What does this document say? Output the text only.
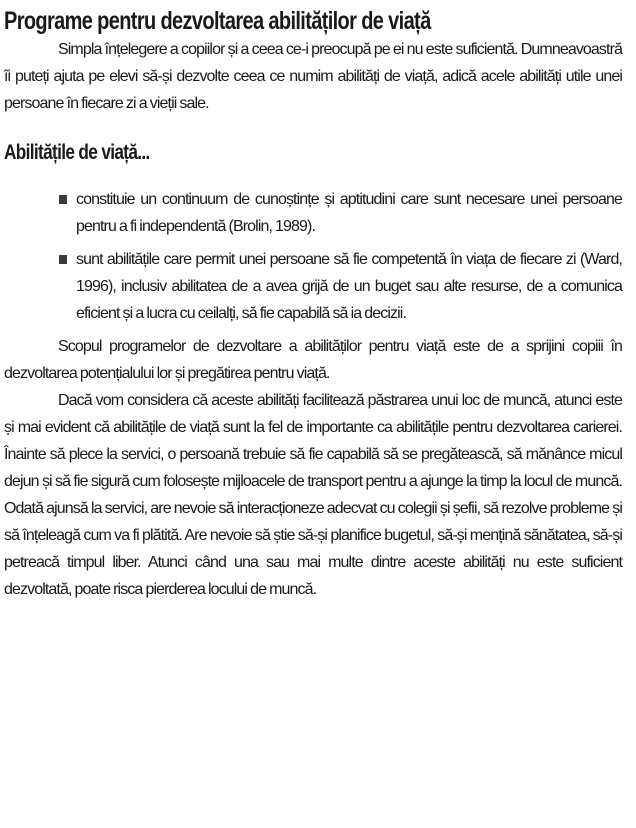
Programe pentru dezvoltarea abilităților de viață

Simpla înțelegere a copiilor și a ceea ce-i preocupă pe ei nu este suficientă. Dumneavoastră îi puteți ajuta pe elevi să-și dezvolte ceea ce numim abilități de viață, adică acele abilități utile unei persoane în fiecare zi a vieții sale.

Abilitățile de viață...
constituie un continuum de cunoștințe și aptitudini care sunt necesare unei persoane pentru a fi independentă (Brolin, 1989).
sunt abilitățile care permit unei persoane să fie competentă în viața de fiecare zi (Ward, 1996), inclusiv abilitatea de a avea grijă de un buget sau alte resurse, de a comunica eficient și a lucra cu ceilalți, să fie capabilă să ia decizii.

Scopul programelor de dezvoltare a abilităților pentru viață este de a sprijini copiii în dezvoltarea potențialului lor și pregătirea pentru viață.

Dacă vom considera că aceste abilități facilitează păstrarea unui loc de muncă, atunci este și mai evident că abilitățile de viață sunt la fel de importante ca abilitățile pentru dezvoltarea carierei. Înainte să plece la servici, o persoană trebuie să fie capabilă să se pregătească, să mănânce micul dejun și să fie sigură cum folosește mijloacele de transport pentru a ajunge la timp la locul de muncă. Odată ajunsă la servici, are nevoie să interacționeze adecvat cu colegii și șefii, să rezolve probleme și să înțeleagă cum va fi plătită. Are nevoie să știe să-și planifice bugetul, să-și mențină sănătatea, să-și petreacă timpul liber. Atunci când una sau mai multe dintre aceste abilități nu este suficient dezvoltată, poate risca pierderea locului de muncă.
